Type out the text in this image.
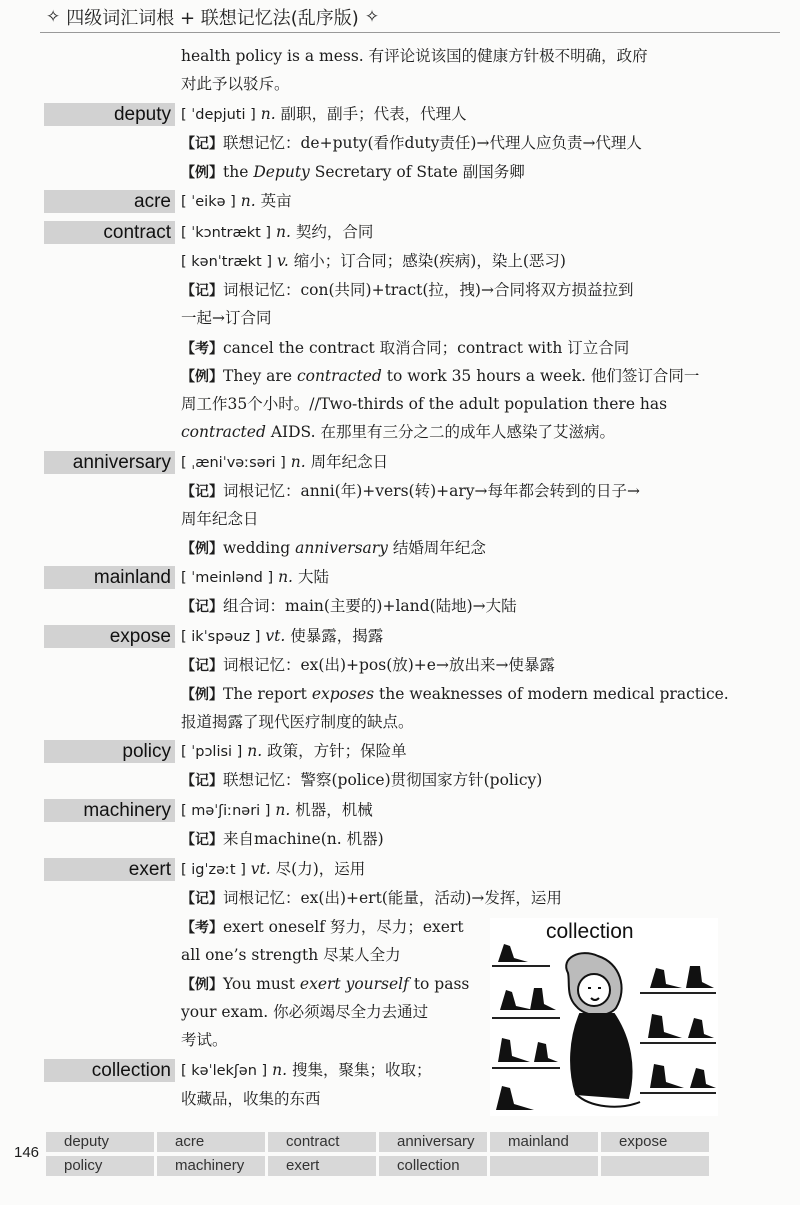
✧ 四级词汇词根 + 联想记忆法(乱序版) ✧
health policy is a mess. 有评论说该国的健康方针极不明确，政府
对此予以驳斥。
deputy [ ˈdepjuti ] n. 副职，副手；代表，代理人
【记】联想记忆：de+puty(看作duty责任)→代理人应负责→代理人
【例】the Deputy Secretary of State 副国务卿
acre [ ˈeikə ] n. 英亩
contract [ ˈkɔntrækt ] n. 契约，合同
[ kənˈtrækt ] v. 缩小；订合同；感染(疾病)，染上(恶习)
【记】词根记忆：con(共同)+tract(拉，拽)→合同将双方损益拉到
一起→订合同
【考】cancel the contract 取消合同；contract with 订立合同
【例】They are contracted to work 35 hours a week. 他们签订合同一
周工作35个小时。//Two-thirds of the adult population there has
contracted AIDS. 在那里有三分之二的成年人感染了艾滋病。
anniversary [ ˌæniˈvəːsəri ] n. 周年纪念日
【记】词根记忆：anni(年)+vers(转)+ary→每年都会转到的日子→
周年纪念日
【例】wedding anniversary 结婚周年纪念
mainland [ ˈmeinlənd ] n. 大陆
【记】组合词：main(主要的)+land(陆地)→大陆
expose [ ikˈspəuz ] vt. 使暴露，揭露
【记】词根记忆：ex(出)+pos(放)+e→放出来→使暴露
【例】The report exposes the weaknesses of modern medical practice.
报道揭露了现代医疗制度的缺点。
policy [ ˈpɔlisi ] n. 政策，方针；保险单
【记】联想记忆：警察(police)贯彻国家方针(policy)
machinery [ məˈʃiːnəri ] n. 机器，机械
【记】来自machine(n. 机器)
exert [ igˈzəːt ] vt. 尽(力)，运用
【记】词根记忆：ex(出)+ert(能量，活动)→发挥，运用
【考】exert oneself 努力，尽力；exert
all one’s strength 尽某人全力
【例】You must exert yourself to pass
your exam. 你必须竭尽全力去通过
考试。
collection [ kəˈlekʃən ] n. 搜集，聚集；收取；
收藏品，收集的东西
collection
146
deputy	acre	contract	anniversary	mainland	expose
policy	machinery	exert	collection
